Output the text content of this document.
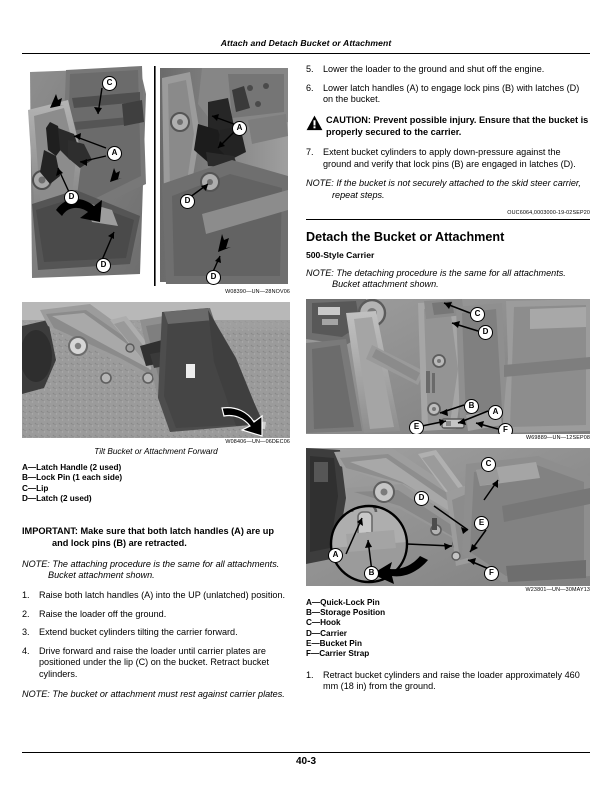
Attach and Detach Bucket or Attachment
C
A
D
D
A
D
D
W08390—UN—28NOV06
W08406—UN—06DEC06
Tilt Bucket or Attachment Forward
A—Latch Handle (2 used)
B—Lock Pin (1 each side)
C—Lip
D—Latch (2 used)
IMPORTANT: Make sure that both latch handles (A) are up and lock pins (B) are retracted.
NOTE: The attaching procedure is the same for all attachments. Bucket attachment shown.
1. Raise both latch handles (A) into the UP (unlatched) position.
2. Raise the loader off the ground.
3. Extend bucket cylinders tilting the carrier forward.
4. Drive forward and raise the loader until carrier plates are positioned under the lip (C) on the bucket. Retract bucket cylinders.
NOTE: The bucket or attachment must rest against carrier plates.
5. Lower the loader to the ground and shut off the engine.
6. Lower latch handles (A) to engage lock pins (B) with latches (D) on the bucket.
CAUTION: Prevent possible injury. Ensure that the bucket is properly secured to the carrier.
7. Extent bucket cylinders to apply down-pressure against the ground and verify that lock pins (B) are engaged in latches (D).
NOTE: If the bucket is not securely attached to the skid steer carrier, repeat steps.
OUC6064,0003000-19-02SEP20
Detach the Bucket or Attachment
500-Style Carrier
NOTE: The detaching procedure is the same for all attachments. Bucket attachment shown.
C
D
B
A
E	F
W69889—UN—12SEP08
C
D
E
A
B	F
W23801—UN—30MAY13
A—Quick-Lock Pin
B—Storage Position
C—Hook
D—Carrier
E—Bucket Pin
F—Carrier Strap
1. Retract bucket cylinders and raise the loader approximately 460 mm (18 in) from the ground.
40-3
